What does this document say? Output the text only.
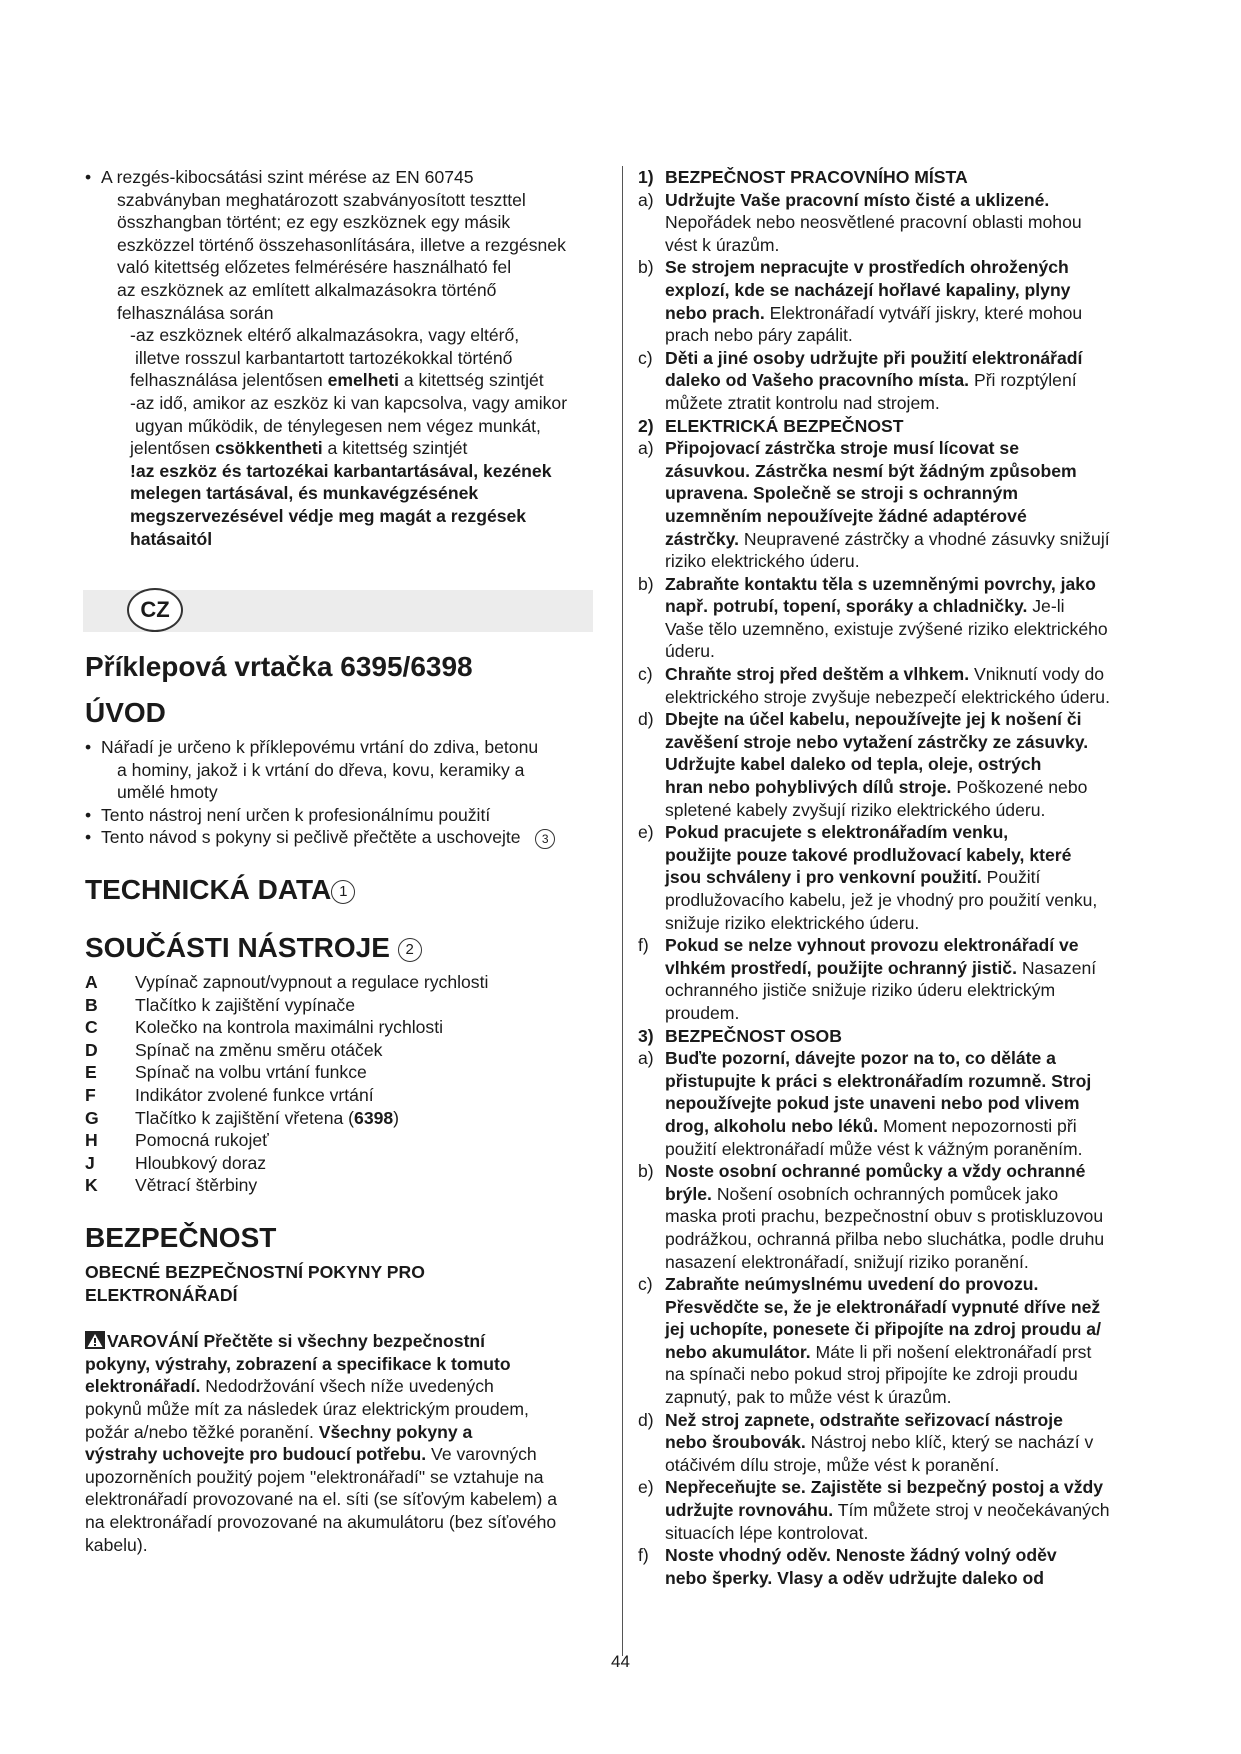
• A rezgés-kibocsátási szint mérése az EN 60745
szabványban meghatározott szabványosított teszttel
összhangban történt; ez egy eszköznek egy másik
eszközzel történő összehasonlítására, illetve a rezgésnek
való kitettség előzetes felmérésére használható fel
az eszköznek az említett alkalmazásokra történő
felhasználása során
-az eszköznek eltérő alkalmazásokra, vagy eltérő,
illetve rosszul karbantartott tartozékokkal történő
felhasználása jelentősen emelheti a kitettség szintjét
-az idő, amikor az eszköz ki van kapcsolva, vagy amikor
ugyan működik, de ténylegesen nem végez munkát,
jelentősen csökkentheti a kitettség szintjét
!az eszköz és tartozékai karbantartásával, kezének
melegen tartásával, és munkavégzésének
megszervezésével védje meg magát a rezgések
hatásaitól
CZ
Příklepová vrtačka 6395/6398
ÚVOD
• Nářadí je určeno k příklepovému vrtání do zdiva, betonu
a hominy, jakož i k vrtání do dřeva, kovu, keramiky a
umělé hmoty
• Tento nástroj není určen k profesionálnímu použití
• Tento návod s pokyny si pečlivě přečtěte a uschovejte 3
TECHNICKÁ DATA 1
SOUČÁSTI NÁSTROJE 2
A Vypínač zapnout/vypnout a regulace rychlosti
B Tlačítko k zajištění vypínače
C Kolečko na kontrola maximálni rychlosti
D Spínač na změnu směru otáček
E Spínač na volbu vrtání funkce
F Indikátor zvolené funkce vrtání
G Tlačítko k zajištění vřetena (6398)
H Pomocná rukojeť
J Hloubkový doraz
K Větrací štěrbiny
BEZPEČNOST
OBECNÉ BEZPEČNOSTNÍ POKYNY PRO
ELEKTRONÁŘADÍ
VAROVÁNÍ Přečtěte si všechny bezpečnostní
pokyny, výstrahy, zobrazení a specifikace k tomuto
elektronářadí. Nedodržování všech níže uvedených
pokynů může mít za následek úraz elektrickým proudem,
požár a/nebo těžké poranění. Všechny pokyny a
výstrahy uchovejte pro budoucí potřebu. Ve varovných
upozorněních použitý pojem "elektronářadí" se vztahuje na
elektronářadí provozované na el. síti (se síťovým kabelem) a
na elektronářadí provozované na akumulátoru (bez síťového
kabelu).
1) BEZPEČNOST PRACOVNÍHO MÍSTA
a) Udržujte Vaše pracovní místo čisté a uklizené.
Nepořádek nebo neosvětlené pracovní oblasti mohou
vést k úrazům.
b) Se strojem nepracujte v prostředích ohrožených
explozí, kde se nacházejí hořlavé kapaliny, plyny
nebo prach. Elektronářadí vytváří jiskry, které mohou
prach nebo páry zapálit.
c) Děti a jiné osoby udržujte při použití elektronářadí
daleko od Vašeho pracovního místa. Při rozptýlení
můžete ztratit kontrolu nad strojem.
2) ELEKTRICKÁ BEZPEČNOST
a) Připojovací zástrčka stroje musí lícovat se
zásuvkou. Zástrčka nesmí být žádným způsobem
upravena. Společně se stroji s ochranným
uzemněním nepoužívejte žádné adaptérové
zástrčky. Neupravené zástrčky a vhodné zásuvky snižují
riziko elektrického úderu.
b) Zabraňte kontaktu těla s uzemněnými povrchy, jako
např. potrubí, topení, sporáky a chladničky. Je-li
Vaše tělo uzemněno, existuje zvýšené riziko elektrického
úderu.
c) Chraňte stroj před deštěm a vlhkem. Vniknutí vody do
elektrického stroje zvyšuje nebezpečí elektrického úderu.
d) Dbejte na účel kabelu, nepoužívejte jej k nošení či
zavěšení stroje nebo vytažení zástrčky ze zásuvky.
Udržujte kabel daleko od tepla, oleje, ostrých
hran nebo pohyblivých dílů stroje. Poškozené nebo
spletené kabely zvyšují riziko elektrického úderu.
e) Pokud pracujete s elektronářadím venku,
použijte pouze takové prodlužovací kabely, které
jsou schváleny i pro venkovní použití. Použití
prodlužovacího kabelu, jež je vhodný pro použití venku,
snižuje riziko elektrického úderu.
f) Pokud se nelze vyhnout provozu elektronářadí ve
vlhkém prostředí, použijte ochranný jistič. Nasazení
ochranného jističe snižuje riziko úderu elektrickým
proudem.
3) BEZPEČNOST OSOB
a) Buďte pozorní, dávejte pozor na to, co děláte a
přistupujte k práci s elektronářadím rozumně. Stroj
nepoužívejte pokud jste unaveni nebo pod vlivem
drog, alkoholu nebo léků. Moment nepozornosti při
použití elektronářadí může vést k vážným poraněním.
b) Noste osobní ochranné pomůcky a vždy ochranné
brýle. Nošení osobních ochranných pomůcek jako
maska proti prachu, bezpečnostní obuv s protiskluzovou
podrážkou, ochranná přilba nebo sluchátka, podle druhu
nasazení elektronářadí, snižují riziko poranění.
c) Zabraňte neúmyslnému uvedení do provozu.
Přesvědčte se, že je elektronářadí vypnuté dříve než
jej uchopíte, ponesete či připojíte na zdroj proudu a/
nebo akumulátor. Máte li při nošení elektronářadí prst
na spínači nebo pokud stroj připojíte ke zdroji proudu
zapnutý, pak to může vést k úrazům.
d) Než stroj zapnete, odstraňte seřizovací nástroje
nebo šroubovák. Nástroj nebo klíč, který se nachází v
otáčivém dílu stroje, může vést k poranění.
e) Nepřeceňujte se. Zajistěte si bezpečný postoj a vždy
udržujte rovnováhu. Tím můžete stroj v neočekávaných
situacích lépe kontrolovat.
f) Noste vhodný oděv. Nenoste žádný volný oděv
nebo šperky. Vlasy a oděv udržujte daleko od
44
